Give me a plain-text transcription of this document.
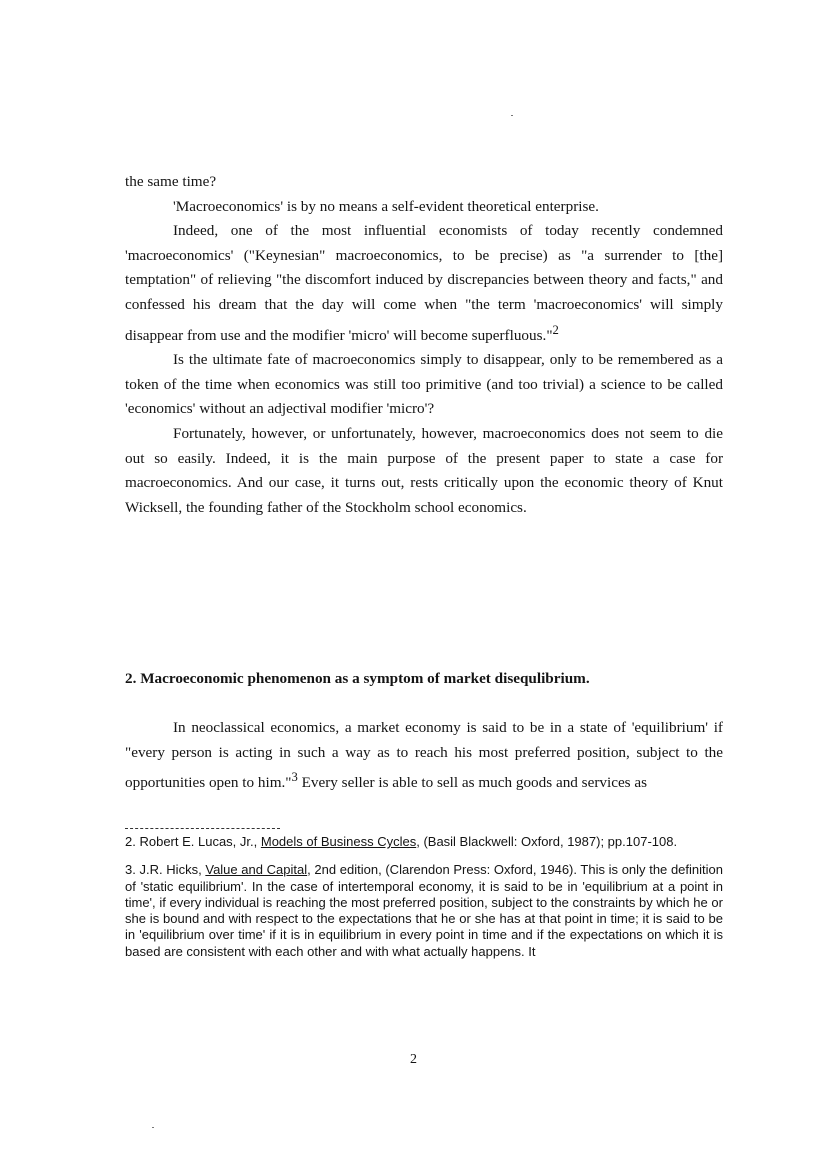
the same time?

'Macroeconomics' is by no means a self-evident theoretical enterprise.

Indeed, one of the most influential economists of today recently condemned 'macroeconomics' ("Keynesian" macroeconomics, to be precise) as "a surrender to [the] temptation" of relieving "the discomfort induced by discrepancies between theory and facts," and confessed his dream that the day will come when "the term 'macroeconomics' will simply disappear from use and the modifier 'micro' will become superfluous."$^2$

Is the ultimate fate of macroeconomics simply to disappear, only to be remembered as a token of the time when economics was still too primitive (and too trivial) a science to be called 'economics' without an adjectival modifier 'micro'?

Fortunately, however, or unfortunately, however, macroeconomics does not seem to die out so easily. Indeed, it is the main purpose of the present paper to state a case for macroeconomics. And our case, it turns out, rests critically upon the economic theory of Knut Wicksell, the founding father of the Stockholm school economics.

2. Macroeconomic phenomenon as a symptom of market disequlibrium.
In neoclassical economics, a market economy is said to be in a state of 'equilibrium' if "every person is acting in such a way as to reach his most preferred position, subject to the opportunities open to him."$^3$ Every seller is able to sell as much goods and services as

2. Robert E. Lucas, Jr., Models of Business Cycles, (Basil Blackwell: Oxford, 1987); pp.107-108.

3. J.R. Hicks, Value and Capital, 2nd edition, (Clarendon Press: Oxford, 1946). This is only the definition of 'static equilibrium'. In the case of intertemporal economy, it is said to be in 'equilibrium at a point in time', if every individual is reaching the most preferred position, subject to the constraints by which he or she is bound and with respect to the expectations that he or she has at that point in time; it is said to be in 'equilibrium over time' if it is in equilibrium in every point in time and if the expectations on which it is based are consistent with each other and with what actually happens. It

2
